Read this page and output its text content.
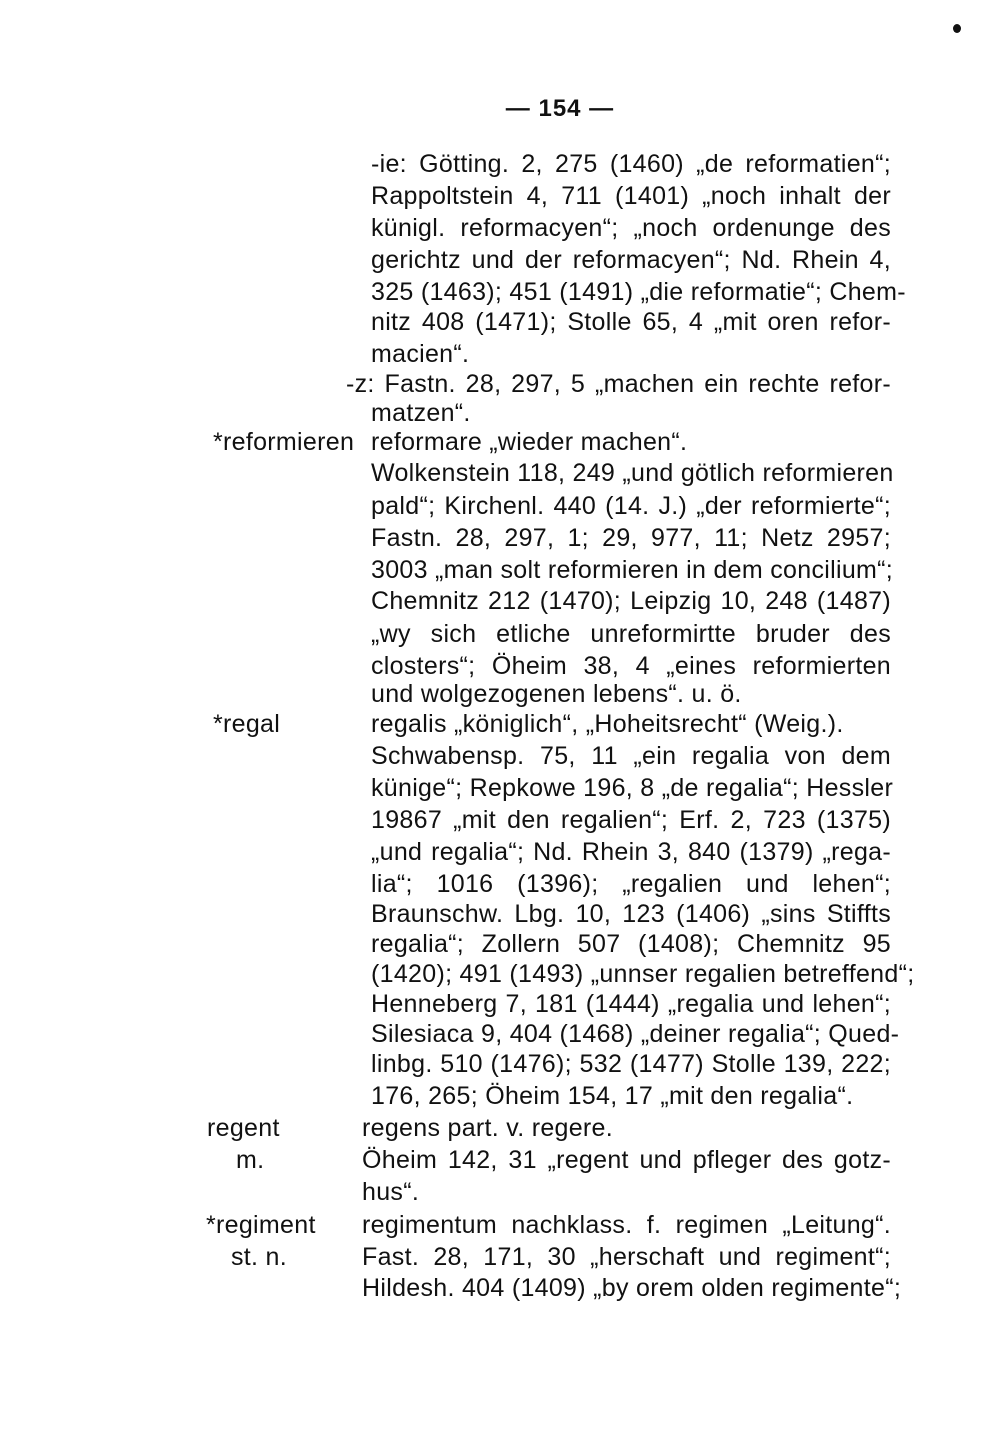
— 154 —
*reformieren
*regal
regent
m.
*regiment
st. n.
-ie: Götting. 2, 275 (1460) „de reformatien“;
Rappoltstein 4, 711 (1401) „noch inhalt der
künigl. reformacyen“; „noch ordenunge des
gerichtz und der reformacyen“; Nd. Rhein 4,
325 (1463); 451 (1491) „die reformatie“; Chem-
nitz 408 (1471); Stolle 65, 4 „mit oren refor-
macien“.
-z: Fastn. 28, 297, 5 „machen ein rechte refor-
matzen“.
reformare „wieder machen“.
Wolkenstein 118, 249 „und götlich reformieren
pald“; Kirchenl. 440 (14. J.) „der reformierte“;
Fastn. 28, 297, 1; 29, 977, 11; Netz 2957;
3003 „man solt reformieren in dem concilium“;
Chemnitz 212 (1470); Leipzig 10, 248 (1487)
„wy sich etliche unreformirtte bruder des
closters“; Öheim 38, 4 „eines reformierten
und wolgezogenen lebens“. u. ö.
regalis „königlich“, „Hoheitsrecht“ (Weig.).
Schwabensp. 75, 11 „ein regalia von dem
künige“; Repkowe 196, 8 „de regalia“; Hessler
19867 „mit den regalien“; Erf. 2, 723 (1375)
„und regalia“; Nd. Rhein 3, 840 (1379) „rega-
lia“; 1016 (1396); „regalien und lehen“;
Braunschw. Lbg. 10, 123 (1406) „sins Stiffts
regalia“; Zollern 507 (1408); Chemnitz 95
(1420); 491 (1493) „unnser regalien betreffend“;
Henneberg 7, 181 (1444) „regalia und lehen“;
Silesiaca 9, 404 (1468) „deiner regalia“; Qued-
linbg. 510 (1476); 532 (1477) Stolle 139, 222;
176, 265; Öheim 154, 17 „mit den regalia“.
regens part. v. regere.
Öheim 142, 31 „regent und pfleger des gotz-
hus“.
regimentum nachklass. f. regimen „Leitung“.
Fast. 28, 171, 30 „herschaft und regiment“;
Hildesh. 404 (1409) „by orem olden regimente“;
